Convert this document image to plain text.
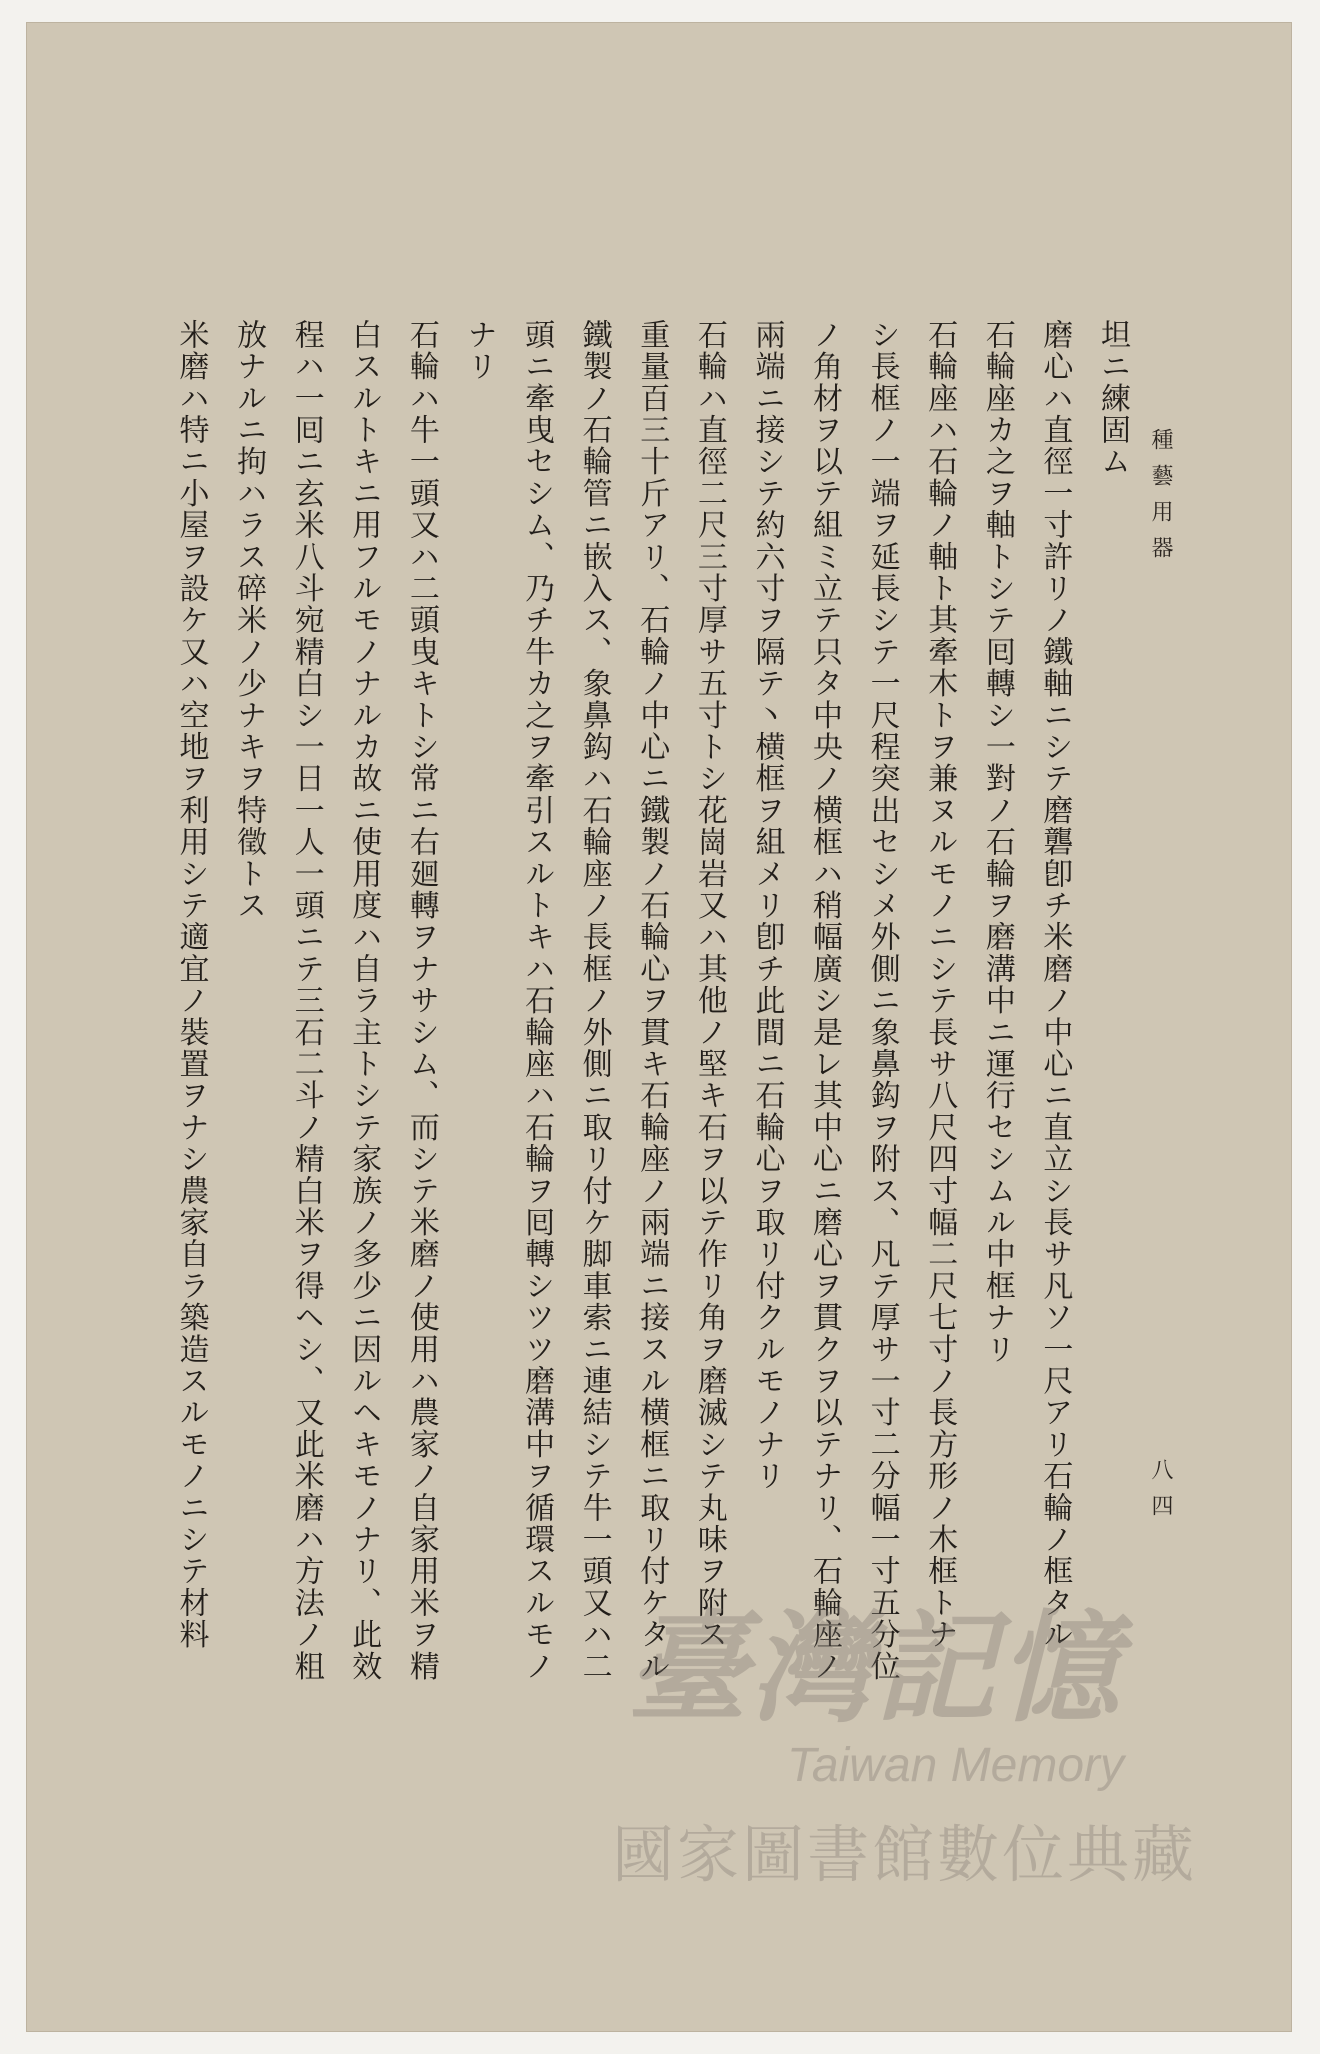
種藝用器
八四
坦ニ練固ム
磨心ハ直徑一寸許リノ鐵軸ニシテ磨礱卽チ米磨ノ中心ニ直立シ長サ凡ソ一尺アリ石輪ノ框タル
石輪座カ之ヲ軸トシテ囘轉シ一對ノ石輪ヲ磨溝中ニ運行セシムル中框ナリ
石輪座ハ石輪ノ軸ト其牽木トヲ兼ヌルモノニシテ長サ八尺四寸幅二尺七寸ノ長方形ノ木框トナ
シ長框ノ一端ヲ延長シテ一尺程突出セシメ外側ニ象鼻鈎ヲ附ス、凡テ厚サ一寸二分幅一寸五分位
ノ角材ヲ以テ組ミ立テ只タ中央ノ横框ハ稍幅廣シ是レ其中心ニ磨心ヲ貫クヲ以テナリ、石輪座ノ
兩端ニ接シテ約六寸ヲ隔テ丶横框ヲ組メリ卽チ此間ニ石輪心ヲ取リ付クルモノナリ
石輪ハ直徑二尺三寸厚サ五寸トシ花崗岩又ハ其他ノ堅キ石ヲ以テ作リ角ヲ磨滅シテ丸味ヲ附ス
重量百三十斤アリ、石輪ノ中心ニ鐵製ノ石輪心ヲ貫キ石輪座ノ兩端ニ接スル横框ニ取リ付ケタル
鐵製ノ石輪管ニ嵌入ス、象鼻鈎ハ石輪座ノ長框ノ外側ニ取リ付ケ脚車索ニ連結シテ牛一頭又ハ二
頭ニ牽曳セシム、乃チ牛カ之ヲ牽引スルトキハ石輪座ハ石輪ヲ囘轉シツツ磨溝中ヲ循環スルモノ
ナリ
石輪ハ牛一頭又ハ二頭曳キトシ常ニ右廻轉ヲナサシム、而シテ米磨ノ使用ハ農家ノ自家用米ヲ精
白スルトキニ用フルモノナルカ故ニ使用度ハ自ラ主トシテ家族ノ多少ニ因ルヘキモノナリ、此效
程ハ一囘ニ玄米八斗宛精白シ一日一人一頭ニテ三石二斗ノ精白米ヲ得ヘシ、又此米磨ハ方法ノ粗
放ナルニ拘ハラス碎米ノ少ナキヲ特徵トス
米磨ハ特ニ小屋ヲ設ケ又ハ空地ヲ利用シテ適宜ノ裝置ヲナシ農家自ラ築造スルモノニシテ材料
臺灣記憶
Taiwan Memory
國家圖書館數位典藏
